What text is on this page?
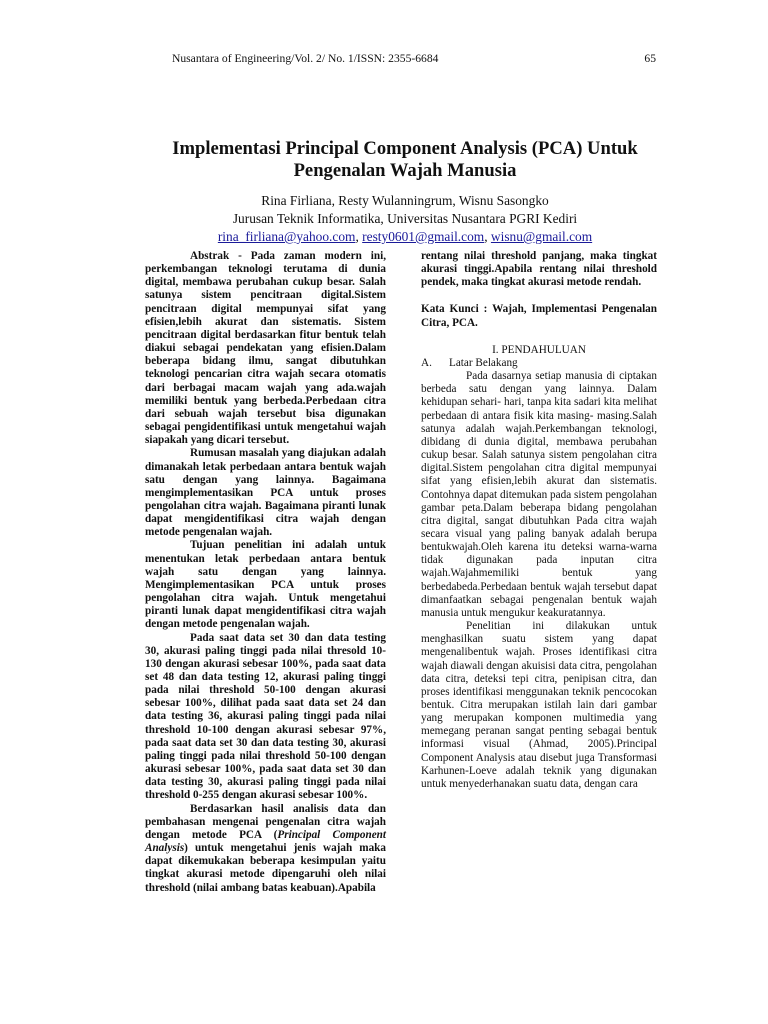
Nusantara of Engineering/Vol. 2/ No. 1/ISSN: 2355-6684	65
Implementasi Principal Component Analysis (PCA) Untuk
Pengenalan Wajah Manusia
Rina Firliana, Resty Wulanningrum, Wisnu Sasongko
Jurusan Teknik Informatika, Universitas Nusantara PGRI Kediri
rina_firliana@yahoo.com, resty0601@gmail.com, wisnu@gmail.com

Abstrak - Pada zaman modern ini, perkembangan teknologi terutama di dunia digital, membawa perubahan cukup besar. Salah satunya sistem pencitraan digital.Sistem pencitraan digital mempunyai sifat yang efisien,lebih akurat dan sistematis. Sistem pencitraan digital berdasarkan fitur bentuk telah diakui sebagai pendekatan yang efisien.Dalam beberapa bidang ilmu, sangat dibutuhkan teknologi pencarian citra wajah secara otomatis dari berbagai macam wajah yang ada.wajah memiliki bentuk yang berbeda.Perbedaan citra dari sebuah wajah tersebut bisa digunakan sebagai pengidentifikasi untuk mengetahui wajah siapakah yang dicari tersebut.

Rumusan masalah yang diajukan adalah dimanakah letak perbedaan antara bentuk wajah satu dengan yang lainnya. Bagaimana mengimplementasikan PCA untuk proses pengolahan citra wajah. Bagaimana piranti lunak dapat mengidentifikasi citra wajah dengan metode pengenalan wajah.

Tujuan penelitian ini adalah untuk menentukan letak perbedaan antara bentuk wajah satu dengan yang lainnya. Mengimplementasikan PCA untuk proses pengolahan citra wajah. Untuk mengetahui piranti lunak dapat mengidentifikasi citra wajah dengan metode pengenalan wajah.

Pada saat data set 30 dan data testing 30, akurasi paling tinggi pada nilai thresold 10-130 dengan akurasi sebesar 100%, pada saat data set 48 dan data testing 12, akurasi paling tinggi pada nilai threshold 50-100 dengan akurasi sebesar 100%, dilihat pada saat data set 24 dan data testing 36, akurasi paling tinggi pada nilai threshold 10-100 dengan akurasi sebesar 97%, pada saat data set 30 dan data testing 30, akurasi paling tinggi pada nilai threshold 50-100 dengan akurasi sebesar 100%, pada saat data set 30 dan data testing 30, akurasi paling tinggi pada nilai threshold 0-255 dengan akurasi sebesar 100%.

Berdasarkan hasil analisis data dan pembahasan mengenai pengenalan citra wajah dengan metode PCA (Principal Component Analysis) untuk mengetahui jenis wajah maka dapat dikemukakan beberapa kesimpulan yaitu tingkat akurasi metode dipengaruhi oleh nilai threshold (nilai ambang batas keabuan).Apabila

rentang nilai threshold panjang, maka tingkat akurasi tinggi.Apabila rentang nilai threshold pendek, maka tingkat akurasi metode rendah.

Kata Kunci : Wajah, Implementasi Pengenalan Citra, PCA.

I. PENDAHULUAN

A.	Latar Belakang

Pada dasarnya setiap manusia di ciptakan berbeda satu dengan yang lainnya. Dalam kehidupan sehari- hari, tanpa kita sadari kita melihat perbedaan di antara fisik kita masing- masing.Salah satunya adalah wajah.Perkembangan teknologi, dibidang di dunia digital, membawa perubahan cukup besar. Salah satunya sistem pengolahan citra digital.Sistem pengolahan citra digital mempunyai sifat yang efisien,lebih akurat dan sistematis. Contohnya dapat ditemukan pada sistem pengolahan gambar peta.Dalam beberapa bidang pengolahan citra digital, sangat dibutuhkan Pada citra wajah secara visual yang paling banyak adalah berupa bentukwajah.Oleh karena itu deteksi warna-warna tidak digunakan pada inputan citra wajah.Wajahmemiliki bentuk yang berbedabeda.Perbedaan bentuk wajah tersebut dapat dimanfaatkan sebagai pengenalan bentuk wajah manusia untuk mengukur keakuratannya.

Penelitian ini dilakukan untuk menghasilkan suatu sistem yang dapat mengenalibentuk wajah. Proses identifikasi citra wajah diawali dengan akuisisi data citra, pengolahan data citra, deteksi tepi citra, penipisan citra, dan proses identifikasi menggunakan teknik pencocokan bentuk. Citra merupakan istilah lain dari gambar yang merupakan komponen multimedia yang memegang peranan sangat penting sebagai bentuk informasi visual (Ahmad, 2005).Principal Component Analysis atau disebut juga Transformasi Karhunen-Loeve adalah teknik yang digunakan untuk menyederhanakan suatu data, dengan cara
